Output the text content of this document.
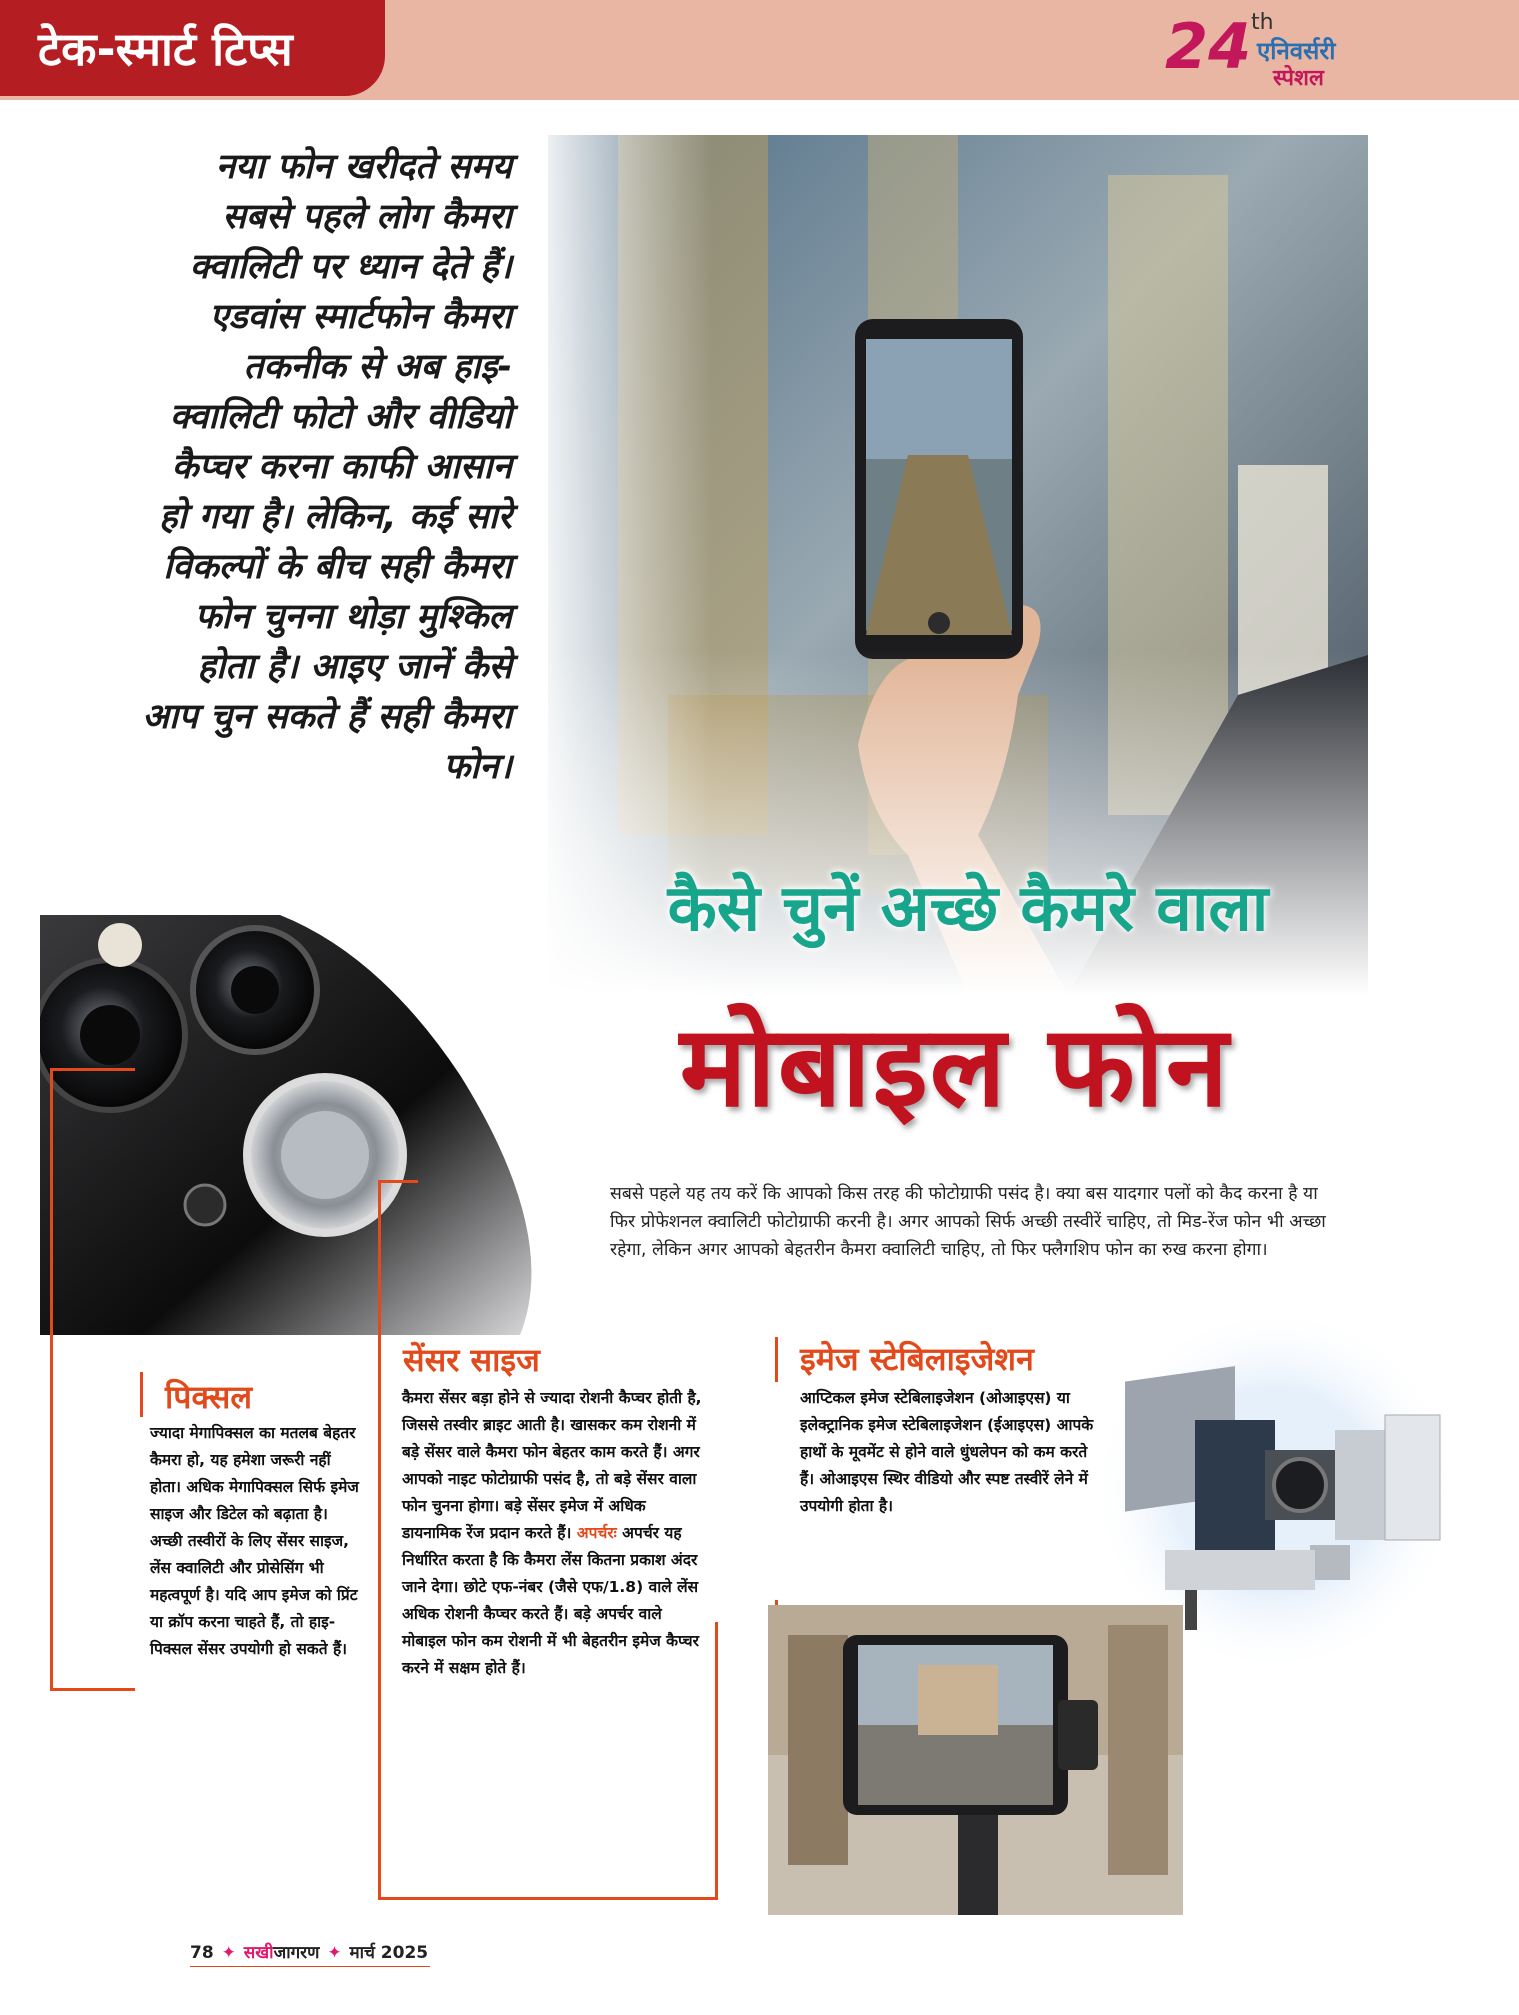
टेक-स्मार्ट टिप्स	24 th
एनिवर्सरी
स्पेशल
नया फोन खरीदते समय सबसे पहले लोग कैमरा क्वालिटी पर ध्यान देते हैं। एडवांस स्मार्टफोन कैमरा तकनीक से अब हाइ-क्वालिटी फोटो और वीडियो कैप्चर करना काफी आसान हो गया है। लेकिन, कई सारे विकल्पों के बीच सही कैमरा फोन चुनना थोड़ा मुश्किल होता है। आइए जानें कैसे आप चुन सकते हैं सही कैमरा फोन।
कैसे चुनें अच्छे कैमरे वाला
मोबाइल फोन
सबसे पहले यह तय करें कि आपको किस तरह की फोटोग्राफी पसंद है। क्या बस यादगार पलों को कैद करना है या फिर प्रोफेशनल क्वालिटी फोटोग्राफी करनी है। अगर आपको सिर्फ अच्छी तस्वीरें चाहिए, तो मिड-रेंज फोन भी अच्छा रहेगा, लेकिन अगर आपको बेहतरीन कैमरा क्वालिटी चाहिए, तो फिर फ्लैगशिप फोन का रुख करना होगा।
पिक्सल
ज्यादा मेगापिक्सल का मतलब बेहतर कैमरा हो, यह हमेशा जरूरी नहीं होता। अधिक मेगापिक्सल सिर्फ इमेज साइज और डिटेल को बढ़ाता है। अच्छी तस्वीरों के लिए सेंसर साइज, लेंस क्वालिटी और प्रोसेसिंग भी महत्वपूर्ण है। यदि आप इमेज को प्रिंट या क्रॉप करना चाहते हैं, तो हाइ-पिक्सल सेंसर उपयोगी हो सकते हैं।
सेंसर साइज
कैमरा सेंसर बड़ा होने से ज्यादा रोशनी कैप्चर होती है, जिससे तस्वीर ब्राइट आती है। खासकर कम रोशनी में बड़े सेंसर वाले कैमरा फोन बेहतर काम करते हैं। अगर आपको नाइट फोटोग्राफी पसंद है, तो बड़े सेंसर वाला फोन चुनना होगा। बड़े सेंसर इमेज में अधिक डायनामिक रेंज प्रदान करते हैं। अपर्चरः अपर्चर यह निर्धारित करता है कि कैमरा लेंस कितना प्रकाश अंदर जाने देगा। छोटे एफ-नंबर (जैसे एफ/1.8) वाले लेंस अधिक रोशनी कैप्चर करते हैं। बड़े अपर्चर वाले मोबाइल फोन कम रोशनी में भी बेहतरीन इमेज कैप्चर करने में सक्षम होते हैं।
इमेज स्टेबिलाइजेशन
आप्टिकल इमेज स्टेबिलाइजेशन (ओआइएस) या इलेक्ट्रानिक इमेज स्टेबिलाइजेशन (ईआइएस) आपके हाथों के मूवमेंट से होने वाले धुंधलेपन को कम करते हैं। ओआइएस स्थिर वीडियो और स्पष्ट तस्वीरें लेने में उपयोगी होता है।
78 ✦ सखीजागरण ✦ मार्च 2025
